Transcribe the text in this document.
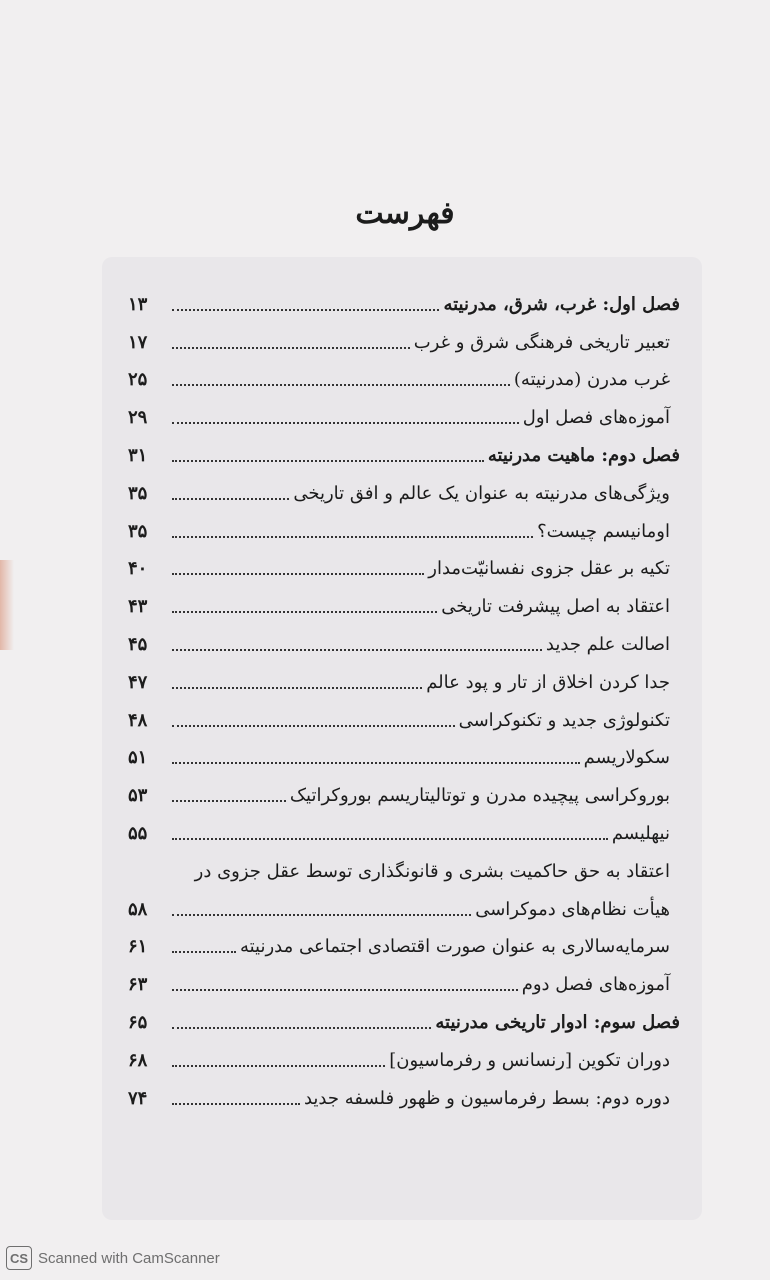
فهرست
فصل اول: غرب، شرق، مدرنیته
۱۳
تعبیر تاریخی فرهنگی شرق و غرب
۱۷
غرب مدرن (مدرنیته)
۲۵
آموزه‌های فصل اول
۲۹
فصل دوم: ماهیت مدرنیته
۳۱
ویژگی‌های مدرنیته به عنوان یک عالم و افق تاریخی
۳۵
اومانیسم چیست؟
۳۵
تکیه بر عقل جزوی نفسانیّت‌مدار
۴۰
اعتقاد به اصل پیشرفت تاریخی
۴۳
اصالت علم جدید
۴۵
جدا کردن اخلاق از تار و پود عالم
۴۷
تکنولوژی جدید و تکنوکراسی
۴۸
سکولاریسم
۵۱
بوروکراسی پیچیده مدرن و توتالیتاریسم بوروکراتیک
۵۳
نیهلیسم
۵۵
اعتقاد به حق حاکمیت بشری و قانونگذاری توسط عقل جزوی در
هیأت نظام‌های دموکراسی
۵۸
سرمایه‌سالاری به عنوان صورت اقتصادی اجتماعی مدرنیته
۶۱
آموزه‌های فصل دوم
۶۳
فصل سوم: ادوار تاریخی مدرنیته
۶۵
دوران تکوین [رنسانس و رفرماسیون]
۶۸
دوره دوم: بسط رفرماسیون و ظهور فلسفه جدید
۷۴
CS Scanned with CamScanner
